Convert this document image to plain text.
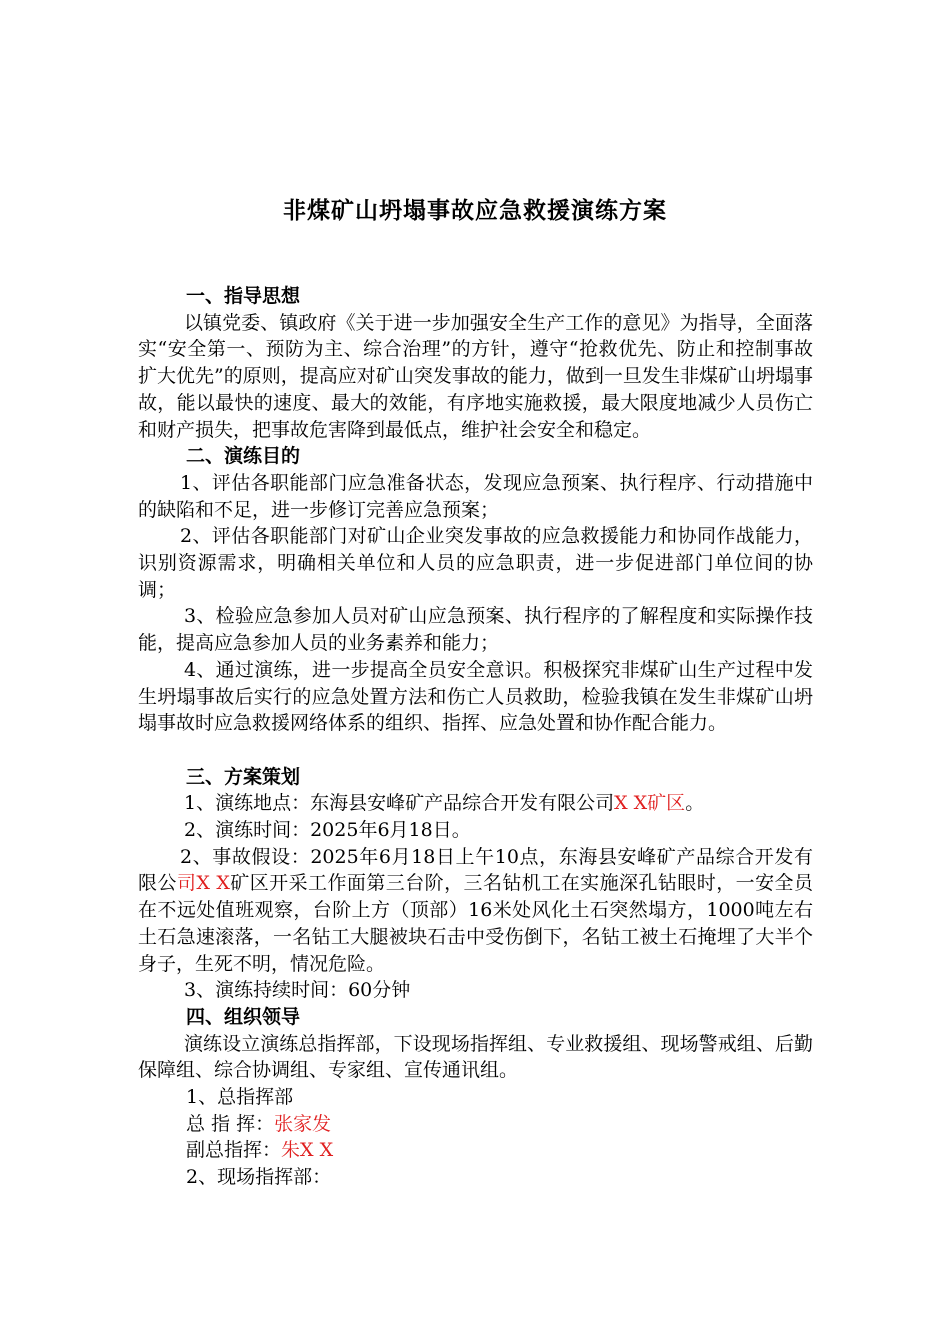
非煤矿山坍塌事故应急救援演练方案

一、指导思想

以镇党委、镇政府《关于进一步加强安全生产工作的意见》为指导，全面落实“安全第一、预防为主、综合治理”的方针，遵守“抢救优先、防止和控制事故扩大优先”的原则，提高应对矿山突发事故的能力，做到一旦发生非煤矿山坍塌事故，能以最快的速度、最大的效能，有序地实施救援，最大限度地减少人员伤亡和财产损失，把事故危害降到最低点，维护社会安全和稳定。

二、演练目的

1、评估各职能部门应急准备状态，发现应急预案、执行程序、行动措施中的缺陷和不足，进一步修订完善应急预案；

2、评估各职能部门对矿山企业突发事故的应急救援能力和协同作战能力，识别资源需求，明确相关单位和人员的应急职责，进一步促进部门单位间的协调；

3、检验应急参加人员对矿山应急预案、执行程序的了解程度和实际操作技能，提高应急参加人员的业务素养和能力；

4、通过演练，进一步提高全员安全意识。积极探究非煤矿山生产过程中发生坍塌事故后实行的应急处置方法和伤亡人员救助，检验我镇在发生非煤矿山坍塌事故时应急救援网络体系的组织、指挥、应急处置和协作配合能力。

三、方案策划

1、演练地点：东海县安峰矿产品综合开发有限公司X X矿区。

2、演练时间：2025年6月18日。

2、事故假设：2025年6月18日上午10点，东海县安峰矿产品综合开发有限公司X X矿区开采工作面第三台阶，三名钻机工在实施深孔钻眼时，一安全员在不远处值班观察，台阶上方（顶部）16米处风化土石突然塌方，1000吨左右土石急速滚落，一名钻工大腿被块石击中受伤倒下，名钻工被土石掩埋了大半个身子，生死不明，情况危险。

3、演练持续时间：60分钟

四、组织领导

演练设立演练总指挥部，下设现场指挥组、专业救援组、现场警戒组、后勤保障组、综合协调组、专家组、宣传通讯组。

1、总指挥部

总 指 挥：张家发

副总指挥：朱X X

2、现场指挥部：
